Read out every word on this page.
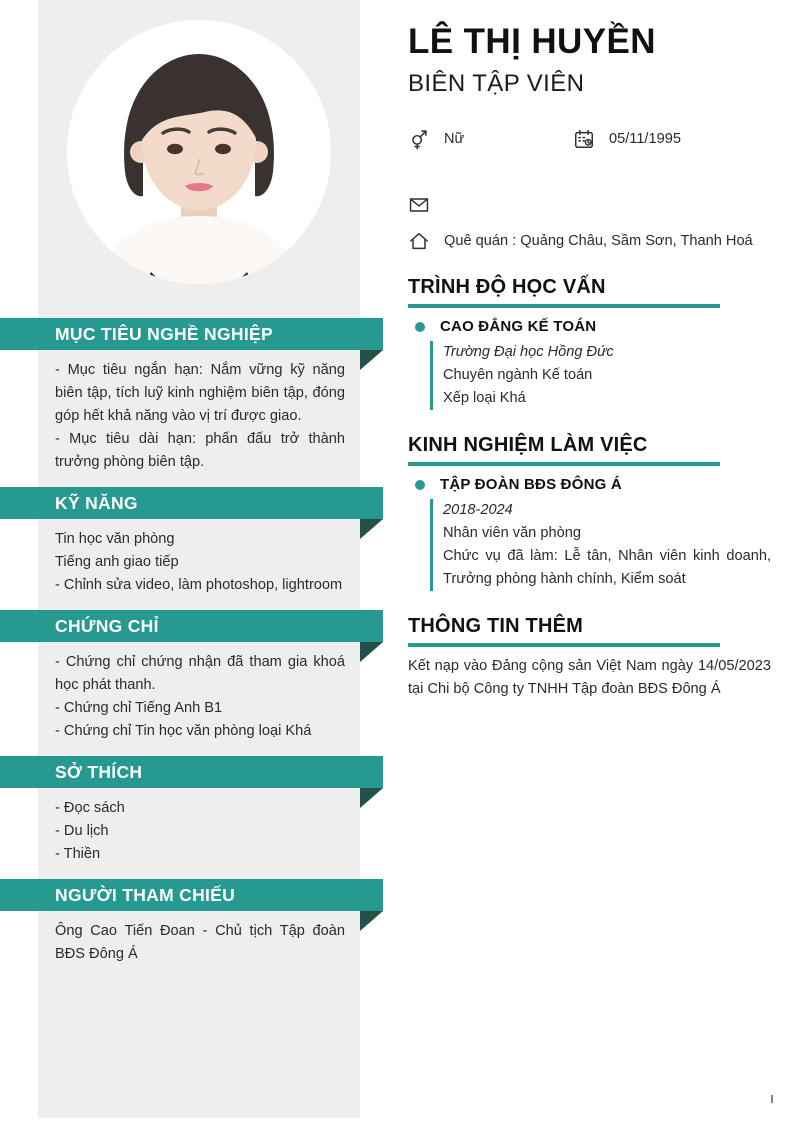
MỤC TIÊU NGHỀ NGHIỆP

- Mục tiêu ngắn hạn: Nắm vững kỹ năng biên tập, tích luỹ kinh nghiệm biên tập, đóng góp hết khả năng vào vị trí được giao.

- Mục tiêu dài hạn: phấn đấu trở thành trưởng phòng biên tập.

KỸ NĂNG

Tin học văn phòng

Tiếng anh giao tiếp

- Chỉnh sửa video, làm photoshop, lightroom

CHỨNG CHỈ

- Chứng chỉ chứng nhận đã tham gia khoá học phát thanh.

- Chứng chỉ Tiếng Anh B1

- Chứng chỉ Tin học văn phòng loại Khá

SỞ THÍCH

- Đọc sách

- Du lịch

- Thiền

NGƯỜI THAM CHIẾU

Ông Cao Tiến Đoan - Chủ tịch Tập đoàn BĐS Đông Á

LÊ THỊ HUYỀN
BIÊN TẬP VIÊN
Nữ	05/11/1995
Quê quán : Quảng Châu, Sầm Sơn, Thanh Hoá
TRÌNH ĐỘ HỌC VẤN
CAO ĐẲNG KẾ TOÁN
Trường Đại học Hồng Đức
Chuyên ngành Kế toán
Xếp loại Khá
KINH NGHIỆM LÀM VIỆC
TẬP ĐOÀN BĐS ĐÔNG Á
2018-2024
Nhân viên văn phòng
Chức vụ đã làm: Lễ tân, Nhân viên kinh doanh, Trưởng phòng hành chính, Kiểm soát
THÔNG TIN THÊM

Kết nạp vào Đảng cộng sản Việt Nam ngày 14/05/2023 tại Chi bộ Công ty TNHH Tập đoàn BĐS Đông Á
